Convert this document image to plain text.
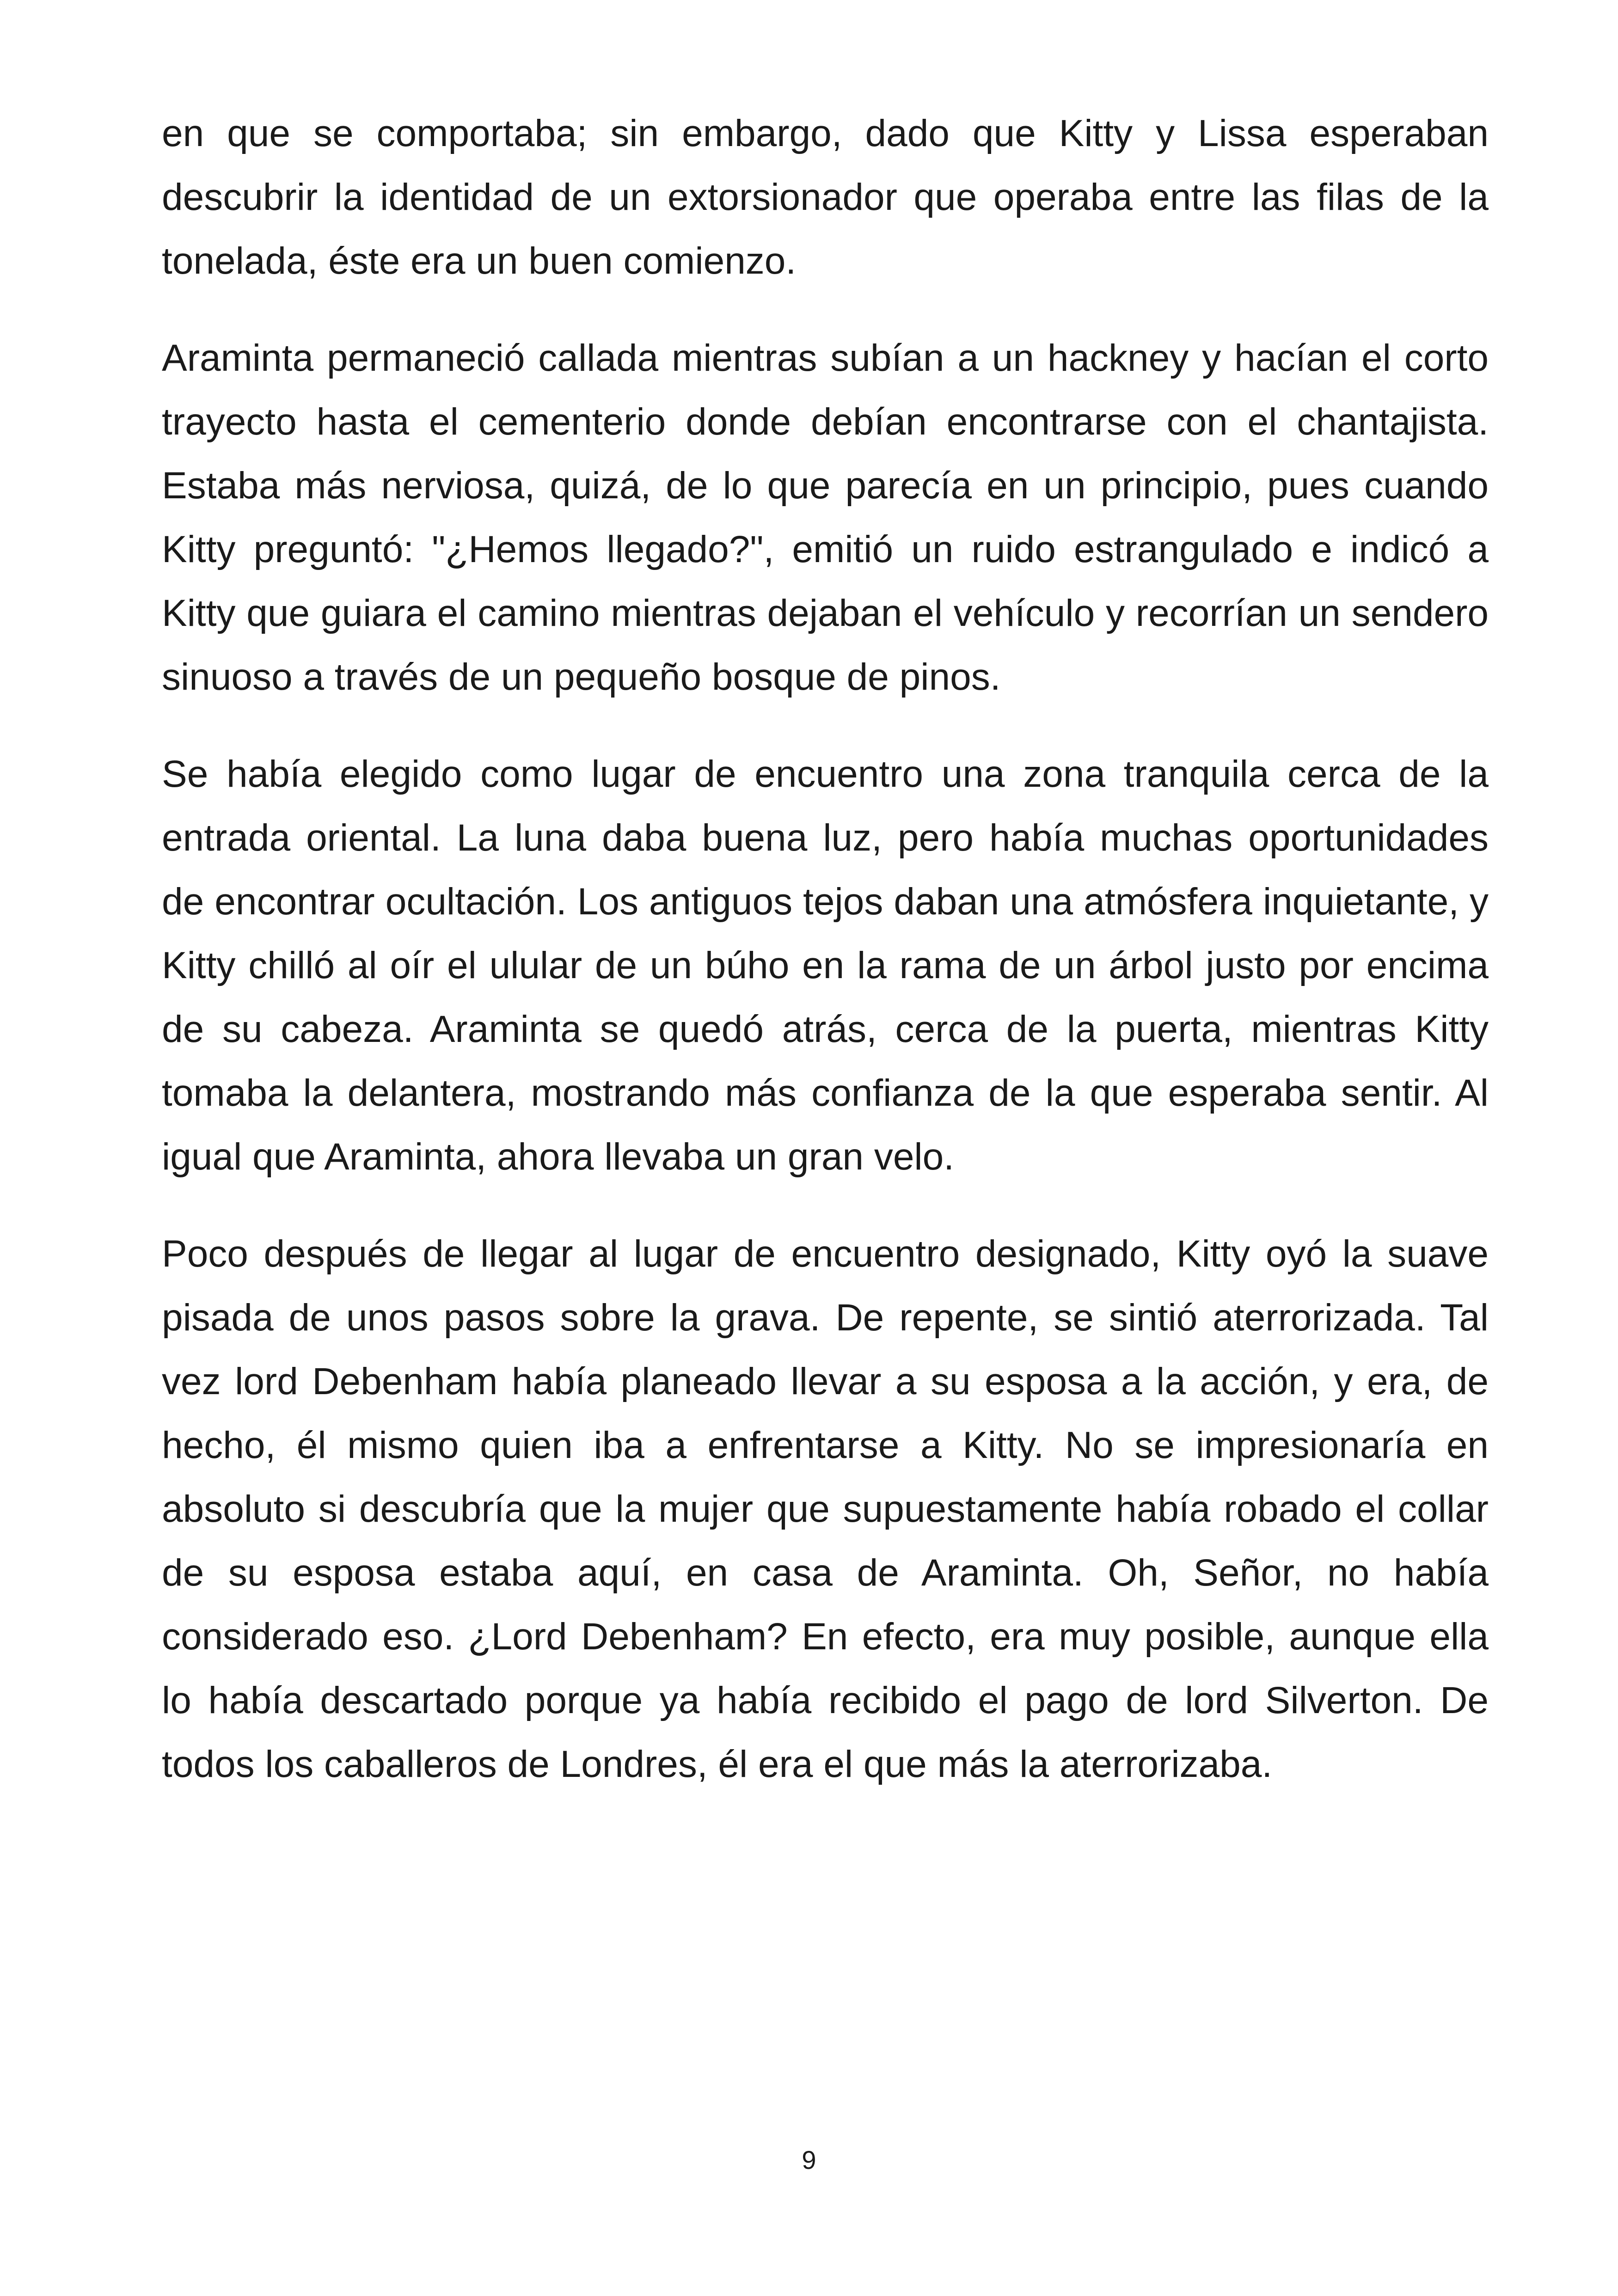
en que se comportaba; sin embargo, dado que Kitty y Lissa esperaban descubrir la identidad de un extorsionador que operaba entre las filas de la tonelada, éste era un buen comienzo.

Araminta permaneció callada mientras subían a un hackney y hacían el corto trayecto hasta el cementerio donde debían encontrarse con el chantajista. Estaba más nerviosa, quizá, de lo que parecía en un principio, pues cuando Kitty preguntó: "¿Hemos llegado?", emitió un ruido estrangulado e indicó a Kitty que guiara el camino mientras dejaban el vehículo y recorrían un sendero sinuoso a través de un pequeño bosque de pinos.

Se había elegido como lugar de encuentro una zona tranquila cerca de la entrada oriental. La luna daba buena luz, pero había muchas oportunidades de encontrar ocultación. Los antiguos tejos daban una atmósfera inquietante, y Kitty chilló al oír el ulular de un búho en la rama de un árbol justo por encima de su cabeza. Araminta se quedó atrás, cerca de la puerta, mientras Kitty tomaba la delantera, mostrando más confianza de la que esperaba sentir. Al igual que Araminta, ahora llevaba un gran velo.

Poco después de llegar al lugar de encuentro designado, Kitty oyó la suave pisada de unos pasos sobre la grava. De repente, se sintió aterrorizada. Tal vez lord Debenham había planeado llevar a su esposa a la acción, y era, de hecho, él mismo quien iba a enfrentarse a Kitty. No se impresionaría en absoluto si descubría que la mujer que supuestamente había robado el collar de su esposa estaba aquí, en casa de Araminta. Oh, Señor, no había considerado eso. ¿Lord Debenham? En efecto, era muy posible, aunque ella lo había descartado porque ya había recibido el pago de lord Silverton. De todos los caballeros de Londres, él era el que más la aterrorizaba.

9
